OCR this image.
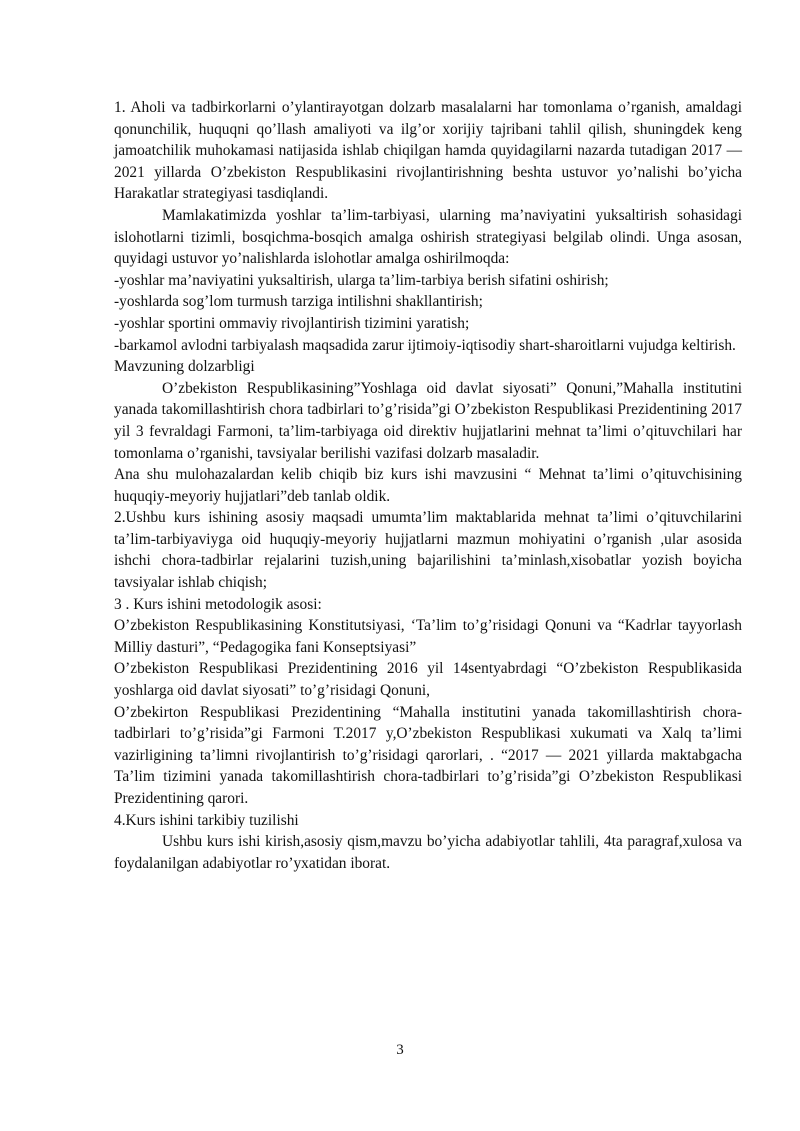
1. Aholi va tadbirkorlarni o’ylantirayotgan dolzarb masalalarni har tomonlama o’rganish, amaldagi qonunchilik, huquqni qo’llash amaliyoti va ilg’or xorijiy tajribani tahlil qilish, shuningdek keng jamoatchilik muhokamasi natijasida ishlab chiqilgan hamda quyidagilarni nazarda tutadigan 2017 — 2021 yillarda O’zbekiston Respublikasini rivojlantirishning beshta ustuvor yo’nalishi bo’yicha Harakatlar strategiyasi tasdiqlandi.

Mamlakatimizda yoshlar ta’lim-tarbiyasi, ularning ma’naviyatini yuksaltirish sohasidagi islohotlarni tizimli, bosqichma-bosqich amalga oshirish strategiyasi belgilab olindi. Unga asosan, quyidagi ustuvor yo’nalishlarda islohotlar amalga oshirilmoqda:

-yoshlar ma’naviyatini yuksaltirish, ularga ta’lim-tarbiya berish sifatini oshirish;

-yoshlarda sog’lom turmush tarziga intilishni shakllantirish;

-yoshlar sportini ommaviy rivojlantirish tizimini yaratish;

-barkamol avlodni tarbiyalash maqsadida zarur ijtimoiy-iqtisodiy shart-sharoitlarni vujudga keltirish.

Mavzuning dolzarbligi

O’zbekiston Respublikasining”Yoshlaga oid davlat siyosati” Qonuni,”Mahalla institutini yanada takomillashtirish chora tadbirlari to’g’risida”gi O’zbekiston Respublikasi Prezidentining 2017 yil 3 fevraldagi Farmoni, ta’lim-tarbiyaga oid direktiv hujjatlarini mehnat ta’limi o’qituvchilari har tomonlama o’rganishi, tavsiyalar berilishi vazifasi dolzarb masaladir.

Ana shu mulohazalardan kelib chiqib biz kurs ishi mavzusini “ Mehnat ta’limi o’qituvchisining huquqiy-meyoriy hujjatlari”deb tanlab oldik.

2.Ushbu kurs ishining asosiy maqsadi umumta’lim maktablarida mehnat ta’limi o’qituvchilarini ta’lim-tarbiyaviyga oid huquqiy-meyoriy hujjatlarni mazmun mohiyatini o’rganish ,ular asosida ishchi chora-tadbirlar rejalarini tuzish,uning bajarilishini ta’minlash,xisobatlar yozish boyicha tavsiyalar ishlab chiqish;

3 . Kurs ishini metodologik asosi:

O’zbekiston Respublikasining Konstitutsiyasi, ‘Ta’lim to’g’risidagi Qonuni va “Kadrlar tayyorlash Milliy dasturi”, “Pedagogika fani Konseptsiyasi”

O’zbekiston Respublikasi Prezidentining 2016 yil 14sentyabrdagi “O’zbekiston Respublikasida yoshlarga oid davlat siyosati” to’g’risidagi Qonuni,

O’zbekirton Respublikasi Prezidentining “Mahalla institutini yanada takomillashtirish chora-tadbirlari to’g’risida”gi Farmoni T.2017 y,O’zbekiston Respublikasi xukumati va Xalq ta’limi vazirligining ta’limni rivojlantirish to’g’risidagi qarorlari, . “2017 — 2021 yillarda maktabgacha Ta’lim tizimini yanada takomillashtirish chora-tadbirlari to’g’risida”gi O’zbekiston Respublikasi Prezidentining qarori.

4.Kurs ishini tarkibiy tuzilishi

Ushbu kurs ishi kirish,asosiy qism,mavzu bo’yicha adabiyotlar tahlili, 4ta paragraf,xulosa va foydalanilgan adabiyotlar ro’yxatidan iborat.

3
